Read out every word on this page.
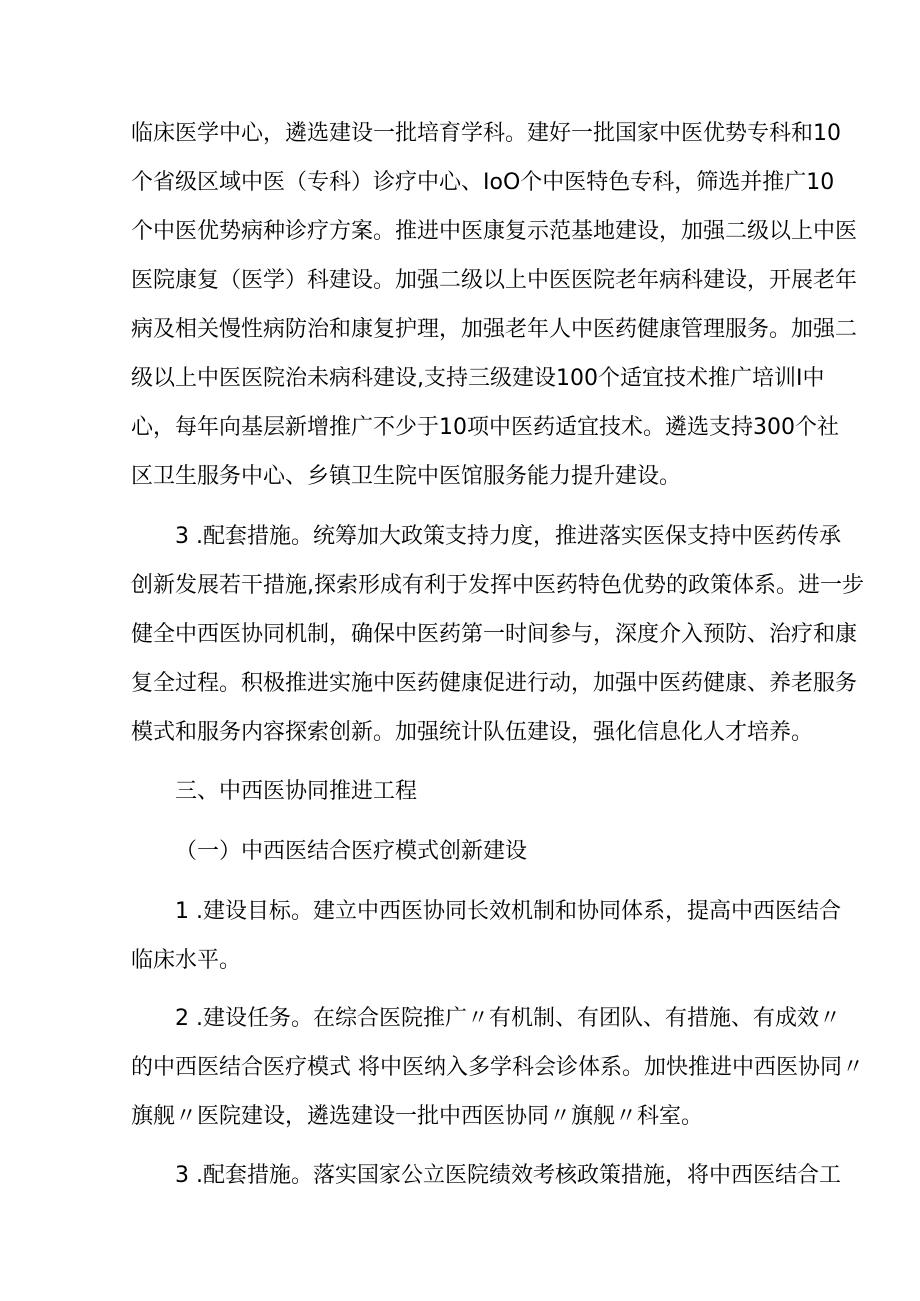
临床医学中心，遴选建设一批培育学科。建好一批国家中医优势专科和10
个省级区域中医（专科）诊疗中心、IoO个中医特色专科，筛选并推广10
个中医优势病种诊疗方案。推进中医康复示范基地建设，加强二级以上中医
医院康复（医学）科建设。加强二级以上中医医院老年病科建设，开展老年
病及相关慢性病防治和康复护理，加强老年人中医药健康管理服务。加强二
级以上中医医院治未病科建设,支持三级建设100个适宜技术推广培训I中
心，每年向基层新增推广不少于10项中医药适宜技术。遴选支持300个社
区卫生服务中心、乡镇卫生院中医馆服务能力提升建设。
3 .配套措施。统筹加大政策支持力度，推进落实医保支持中医药传承
创新发展若干措施,探索形成有利于发挥中医药特色优势的政策体系。进一步
健全中西医协同机制，确保中医药第一时间参与，深度介入预防、治疗和康
复全过程。积极推进实施中医药健康促进行动，加强中医药健康、养老服务
模式和服务内容探索创新。加强统计队伍建设，强化信息化人才培养。
三、中西医协同推进工程
（一）中西医结合医疗模式创新建设
1 .建设目标。建立中西医协同长效机制和协同体系，提高中西医结合
临床水平。
2 .建设任务。在综合医院推广〃有机制、有团队、有措施、有成效〃
的中西医结合医疗模式 将中医纳入多学科会诊体系。加快推进中西医协同〃
旗舰〃医院建设，遴选建设一批中西医协同〃旗舰〃科室。
3 .配套措施。落实国家公立医院绩效考核政策措施，将中西医结合工
